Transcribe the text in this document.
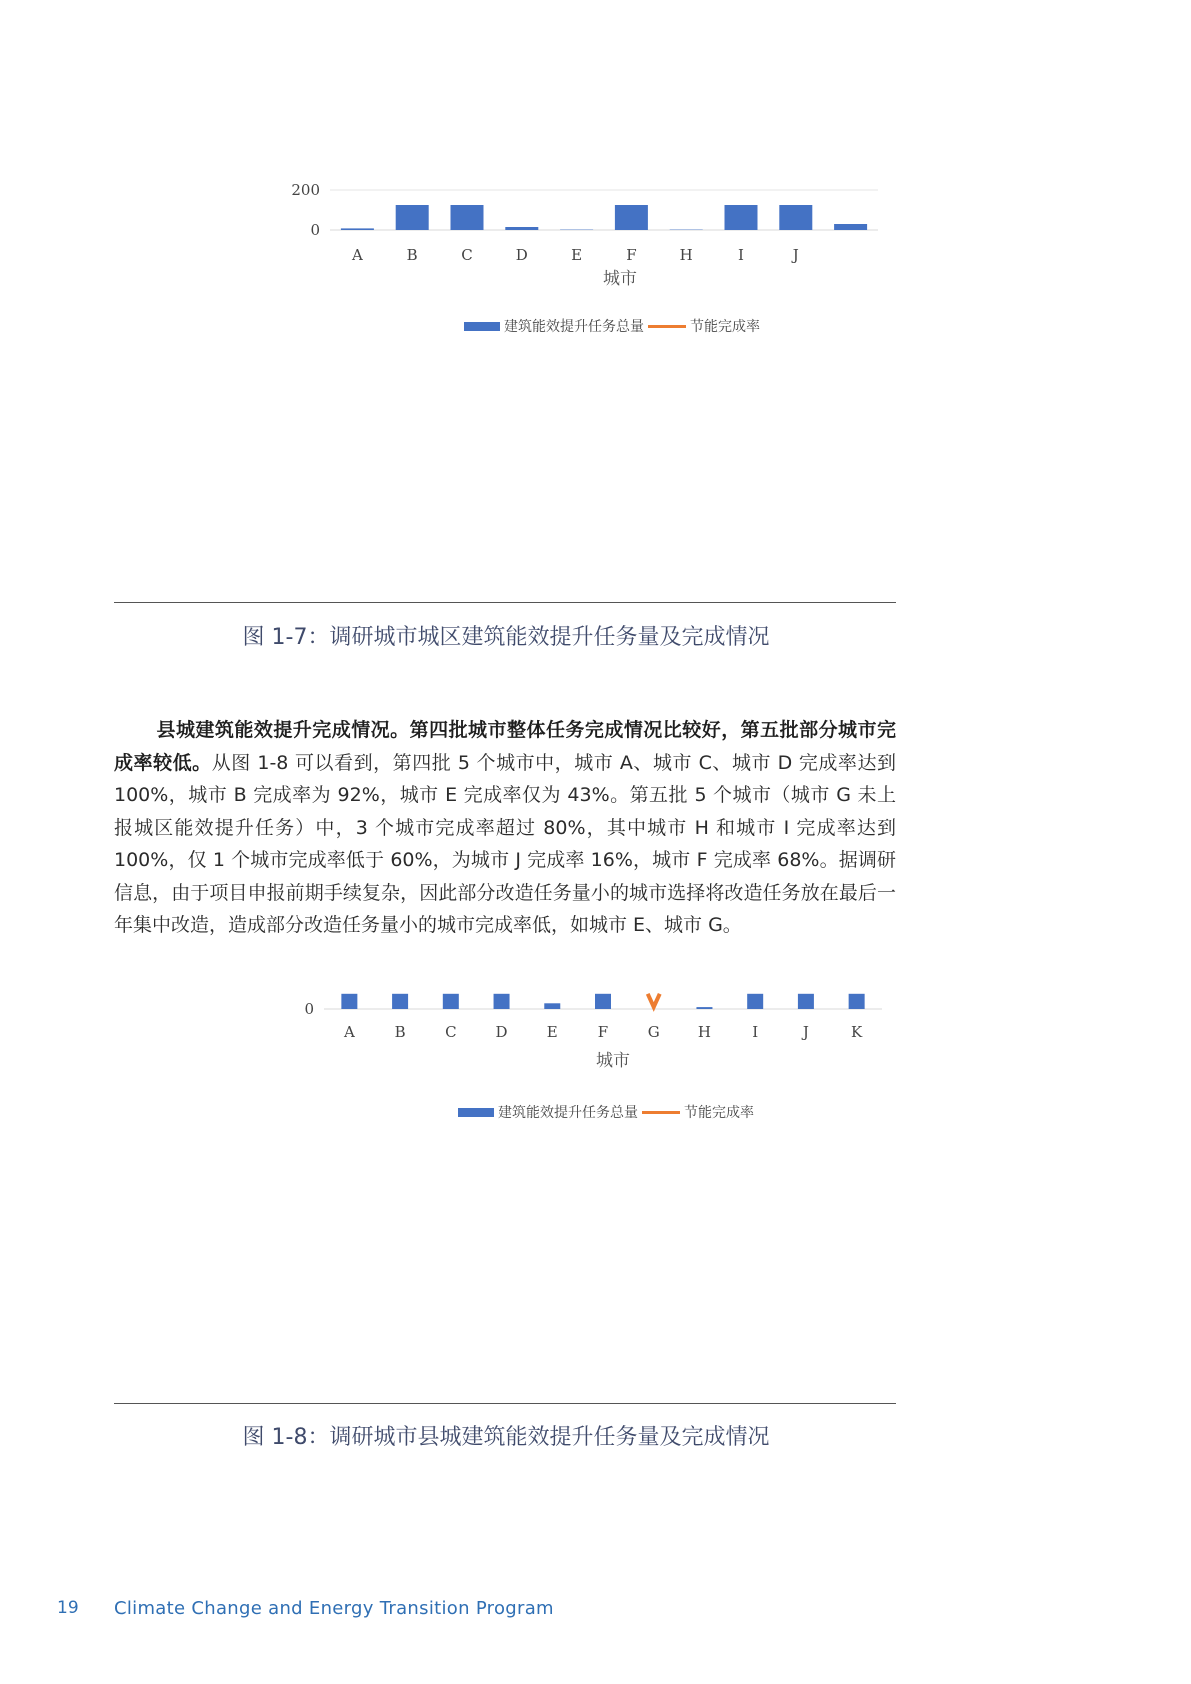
200
0
A	B	C	D	E	F	H	I	J
城市
建筑能效提升任务总量	节能完成率
图 1-7：调研城市城区建筑能效提升任务量及完成情况
县城建筑能效提升完成情况。第四批城市整体任务完成情况比较好，第五批部分城市完成率较低。从图 1-8 可以看到，第四批 5 个城市中，城市 A、城市 C、城市 D 完成率达到 100%，城市 B 完成率为 92%，城市 E 完成率仅为 43%。第五批 5 个城市（城市 G 未上报城区能效提升任务）中，3 个城市完成率超过 80%，其中城市 H 和城市 I 完成率达到 100%，仅 1 个城市完成率低于 60%，为城市 J 完成率 16%，城市 F 完成率 68%。据调研信息，由于项目申报前期手续复杂，因此部分改造任务量小的城市选择将改造任务放在最后一年集中改造，造成部分改造任务量小的城市完成率低，如城市 E、城市 G。
0
A	B	C	D	E	F	G	H	I	J	K
城市
建筑能效提升任务总量	节能完成率
图 1-8：调研城市县城建筑能效提升任务量及完成情况
19 Climate Change and Energy Transition Program
